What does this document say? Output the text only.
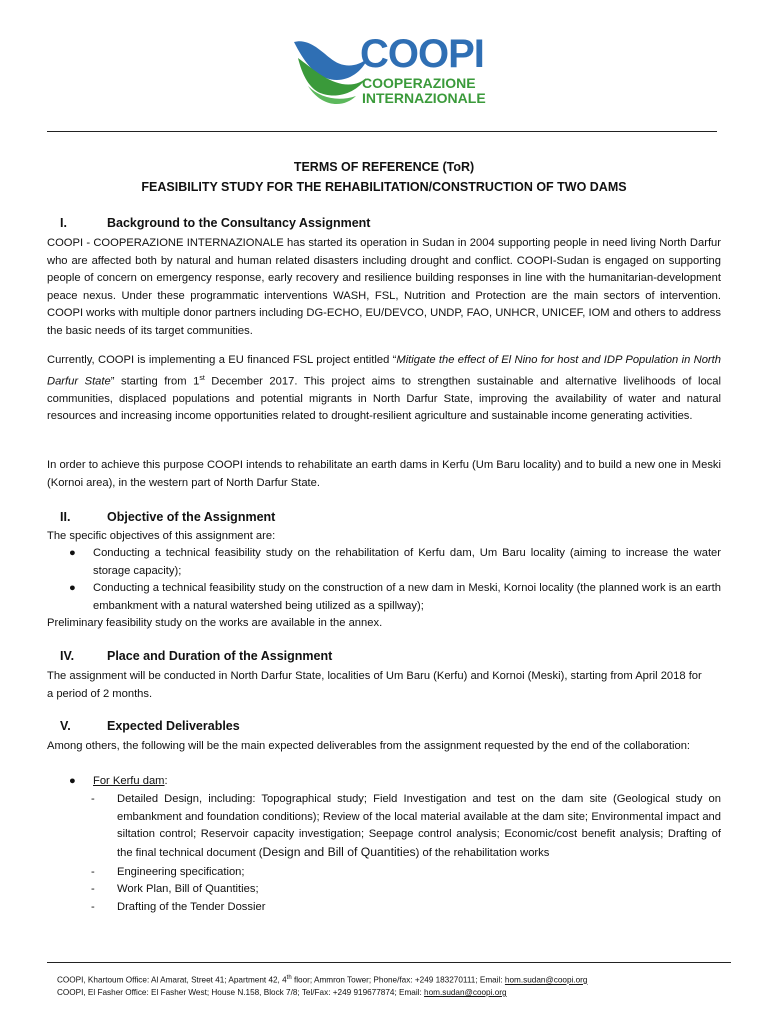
COOPI
COOPERAZIONE
INTERNAZIONALE
TERMS OF REFERENCE (ToR)
FEASIBILITY STUDY FOR THE REHABILITATION/CONSTRUCTION OF TWO DAMS
I.	Background to the Consultancy Assignment
COOPI - COOPERAZIONE INTERNAZIONALE has started its operation in Sudan in 2004 supporting people in need living North Darfur who are affected both by natural and human related disasters including drought and conflict. COOPI-Sudan is engaged on supporting people of concern on emergency response, early recovery and resilience building responses in line with the humanitarian-development peace nexus. Under these programmatic interventions WASH, FSL, Nutrition and Protection are the main sectors of intervention. COOPI works with multiple donor partners including DG-ECHO, EU/DEVCO, UNDP, FAO, UNHCR, UNICEF, IOM and others to address the basic needs of its target communities.
Currently, COOPI is implementing a EU financed FSL project entitled “Mitigate the effect of El Nino for host and IDP Population in North Darfur State” starting from 1st December 2017. This project aims to strengthen sustainable and alternative livelihoods of local communities, displaced populations and potential migrants in North Darfur State, improving the availability of water and natural resources and increasing income opportunities related to drought-resilient agriculture and sustainable income generating activities.
In order to achieve this purpose COOPI intends to rehabilitate an earth dams in Kerfu (Um Baru locality) and to build a new one in Meski (Kornoi area), in the western part of North Darfur State.
II.	Objective of the Assignment
The specific objectives of this assignment are:
● Conducting a technical feasibility study on the rehabilitation of Kerfu dam, Um Baru locality (aiming to increase the water storage capacity);
● Conducting a technical feasibility study on the construction of a new dam in Meski, Kornoi locality (the planned work is an earth embankment with a natural watershed being utilized as a spillway);
Preliminary feasibility study on the works are available in the annex.
IV.	Place and Duration of the Assignment
The assignment will be conducted in North Darfur State, localities of Um Baru (Kerfu) and Kornoi (Meski), starting from April 2018 for a period of 2 months.
V.	Expected Deliverables
Among others, the following will be the main expected deliverables from the assignment requested by the end of the collaboration:
● For Kerfu dam:
- Detailed Design, including: Topographical study; Field Investigation and test on the dam site (Geological study on embankment and foundation conditions); Review of the local material available at the dam site; Environmental impact and siltation control; Reservoir capacity investigation; Seepage control analysis; Economic/cost benefit analysis; Drafting of the final technical document (Design and Bill of Quantities) of the rehabilitation works
- Engineering specification;
- Work Plan, Bill of Quantities;
- Drafting of the Tender Dossier
COOPI, Khartoum Office: Al Amarat, Street 41; Apartment 42, 4th floor; Ammron Tower; Phone/fax: +249 183270111; Email: hom.sudan@coopi.org
COOPI, El Fasher Office: El Fasher West; House N.158, Block 7/8; Tel/Fax: +249 919677874; Email: hom.sudan@coopi.org
